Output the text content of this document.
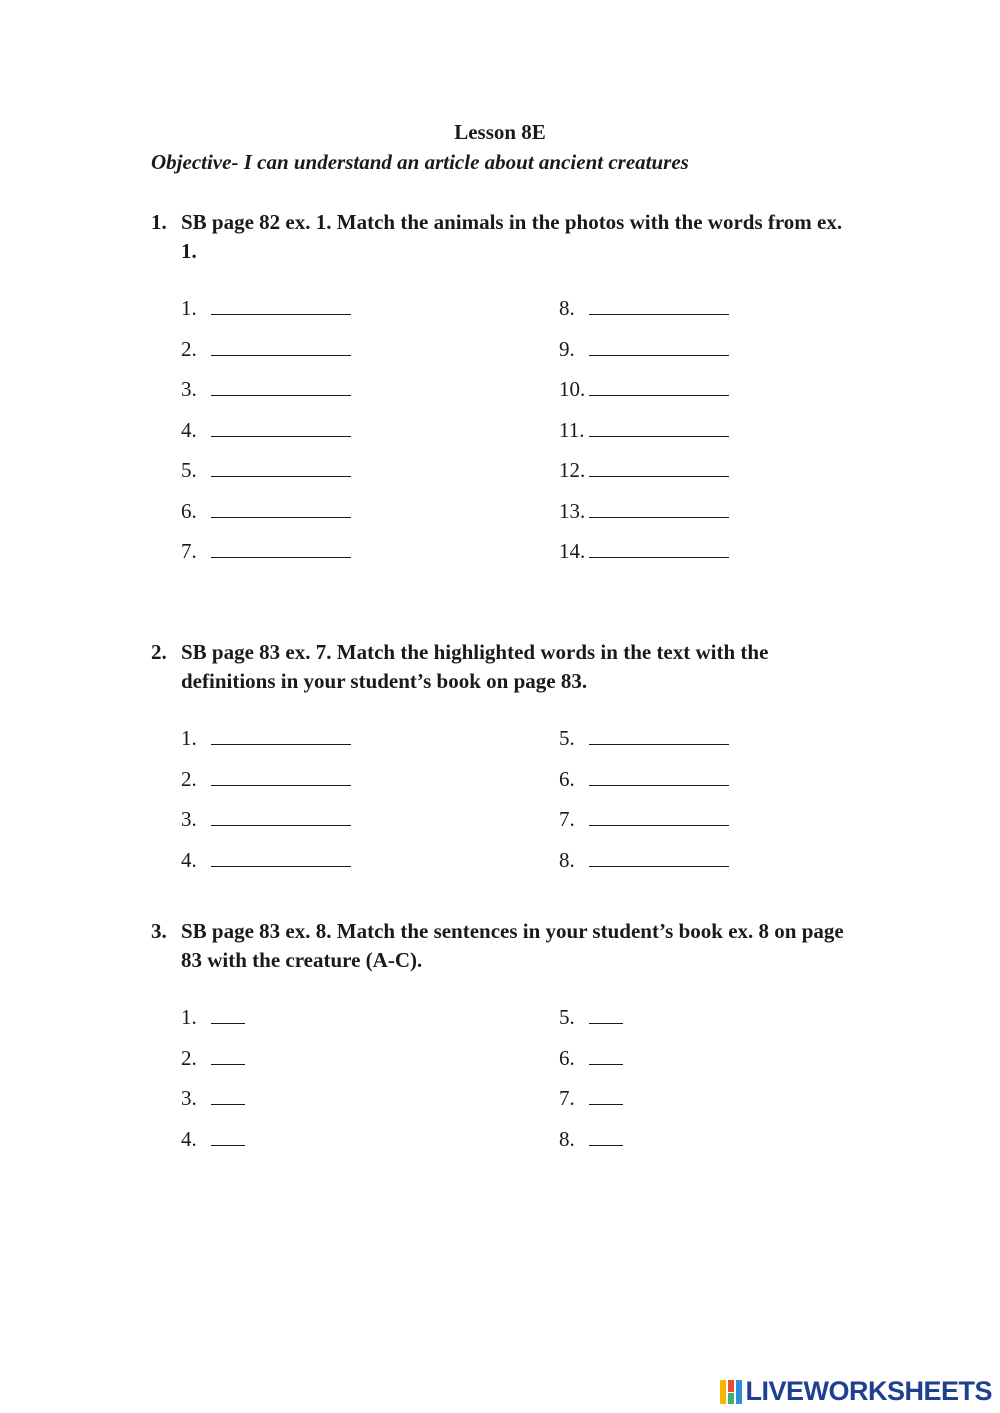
Lesson 8E
Objective- I can understand an article about ancient creatures
1. SB page 82 ex. 1. Match the animals in the photos with the words from ex. 1.
2. SB page 83 ex. 7. Match the highlighted words in the text with the definitions in your student’s book on page 83.
3. SB page 83 ex. 8. Match the sentences in your student’s book ex. 8 on page 83 with the creature (A-C).
1.
2.
3.
4.
5.
6.
7.
8.
9.
10.
11.
12.
13.
14.
1.
2.
3.
4.
5.
6.
7.
8.
1.
2.
3.
4.
5.
6.
7.
8.
LIVEWORKSHEETS
